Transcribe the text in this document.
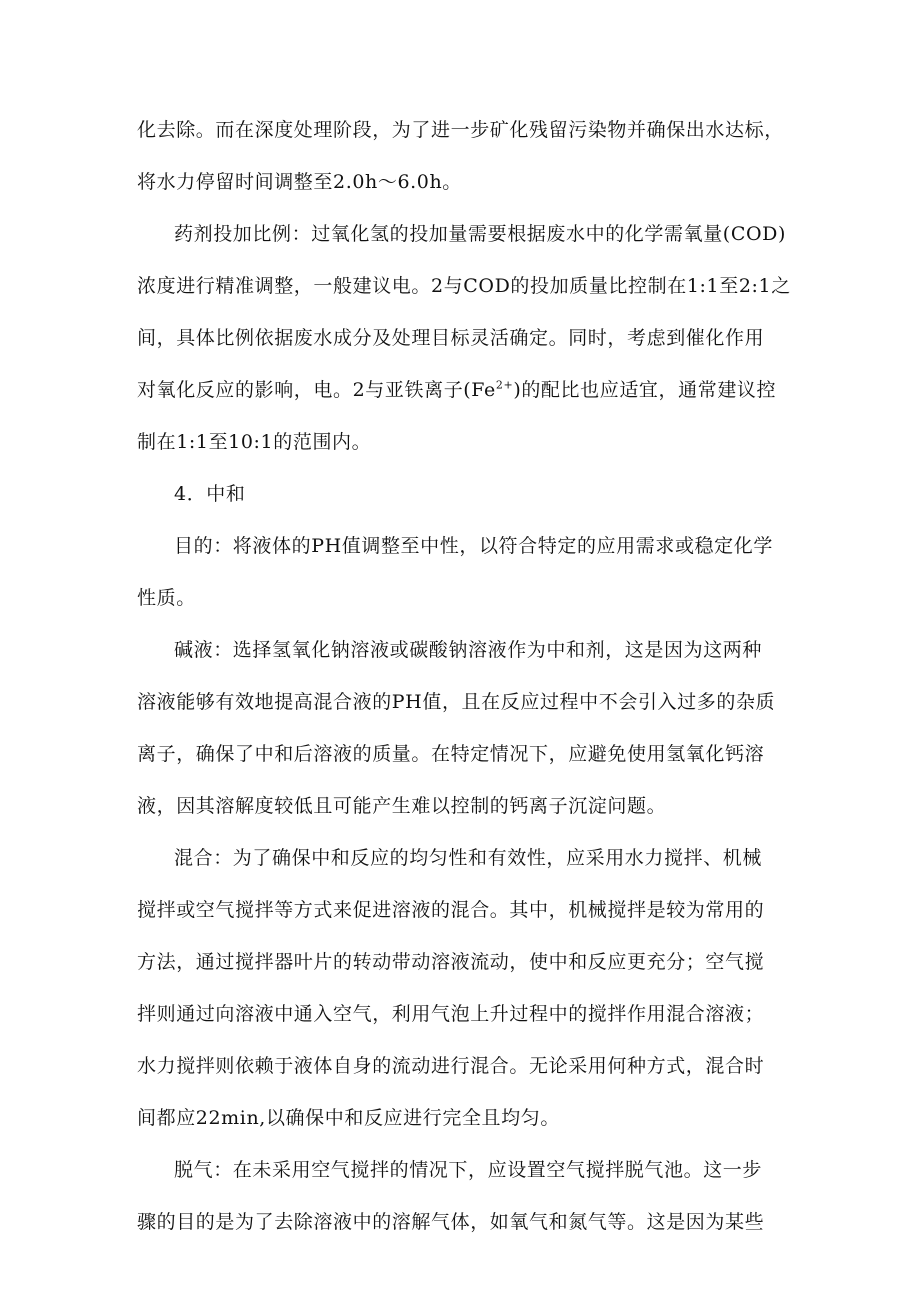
化去除。而在深度处理阶段，为了进一步矿化残留污染物并确保出水达标，
将水力停留时间调整至2.0h～6.0h。
药剂投加比例：过氧化氢的投加量需要根据废水中的化学需氧量(COD)
浓度进行精准调整，一般建议电。2与COD的投加质量比控制在1:1至2:1之
间，具体比例依据废水成分及处理目标灵活确定。同时，考虑到催化作用
对氧化反应的影响，电。2与亚铁离子$(Fe^{2+})$的配比也应适宜，通常建议控
制在1:1至10:1的范围内。
4．中和
目的：将液体的PH值调整至中性，以符合特定的应用需求或稳定化学
性质。
碱液：选择氢氧化钠溶液或碳酸钠溶液作为中和剂，这是因为这两种
溶液能够有效地提高混合液的PH值，且在反应过程中不会引入过多的杂质
离子，确保了中和后溶液的质量。在特定情况下，应避免使用氢氧化钙溶
液，因其溶解度较低且可能产生难以控制的钙离子沉淀问题。
混合：为了确保中和反应的均匀性和有效性，应采用水力搅拌、机械
搅拌或空气搅拌等方式来促进溶液的混合。其中，机械搅拌是较为常用的
方法，通过搅拌器叶片的转动带动溶液流动，使中和反应更充分；空气搅
拌则通过向溶液中通入空气，利用气泡上升过程中的搅拌作用混合溶液；
水力搅拌则依赖于液体自身的流动进行混合。无论采用何种方式，混合时
间都应22min,以确保中和反应进行完全且均匀。
脱气：在未采用空气搅拌的情况下，应设置空气搅拌脱气池。这一步
骤的目的是为了去除溶液中的溶解气体，如氧气和氮气等。这是因为某些
